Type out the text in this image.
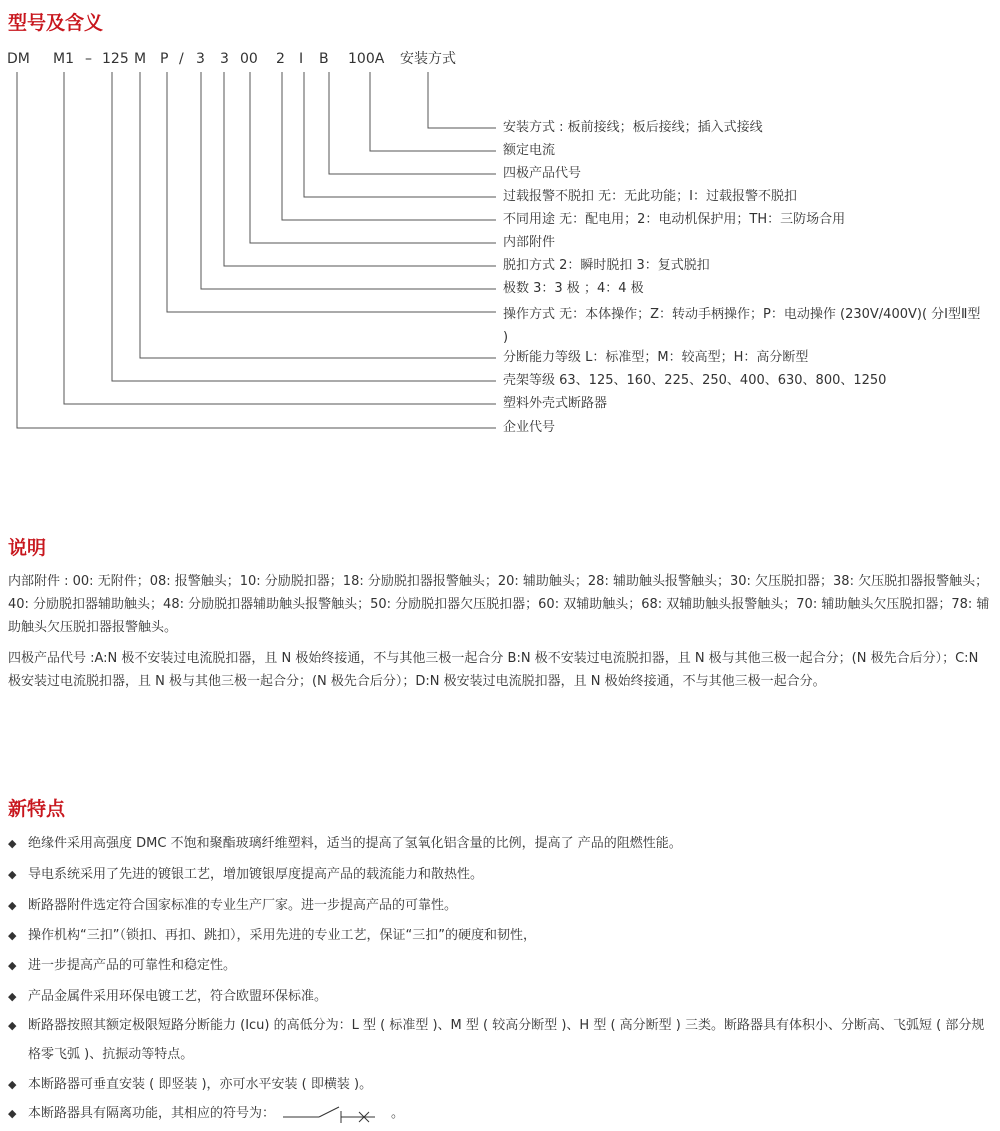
型号及含义
DM M1 – 125 M P / 3 3 00 2 I B 100A 安装方式
安装方式 : 板前接线；板后接线；插入式接线
额定电流
四极产品代号
过载报警不脱扣 无：无此功能；Ⅰ：过载报警不脱扣
不同用途 无：配电用；2：电动机保护用；TH：三防场合用
内部附件
脱扣方式 2：瞬时脱扣 3：复式脱扣
极数 3：3 极 ；4：4 极
操作方式 无：本体操作；Z：转动手柄操作；P：电动操作 (230V/400V)( 分Ⅰ型Ⅱ型 )
分断能力等级 L：标准型；M：较高型；H：高分断型
壳架等级 63、125、160、225、250、400、630、800、1250
塑料外壳式断路器
企业代号
说明

内部附件 : 00: 无附件；08: 报警触头；10: 分励脱扣器；18: 分励脱扣器报警触头；20: 辅助触头；28: 辅助触头报警触头；30: 欠压脱扣器；38: 欠压脱扣器报警触头；40: 分励脱扣器辅助触头；48: 分励脱扣器辅助触头报警触头；50: 分励脱扣器欠压脱扣器；60: 双辅助触头；68: 双辅助触头报警触头；70: 辅助触头欠压脱扣器；78: 辅助触头欠压脱扣器报警触头。

四极产品代号 :A:N 极不安装过电流脱扣器，且 N 极始终接通，不与其他三极一起合分 B:N 极不安装过电流脱扣器，且 N 极与其他三极一起合分；(N 极先合后分）；C:N 极安装过电流脱扣器，且 N 极与其他三极一起合分；(N 极先合后分）；D:N 极安装过电流脱扣器，且 N 极始终接通，不与其他三极一起合分。

新特点

◆ 绝缘件采用高强度 DMC 不饱和聚酯玻璃纤维塑料，适当的提高了氢氧化铝含量的比例，提高了 产品的阻燃性能。

◆ 导电系统采用了先进的镀银工艺，增加镀银厚度提高产品的载流能力和散热性。

◆ 断路器附件选定符合国家标准的专业生产厂家。进一步提高产品的可靠性。

◆ 操作机构“三扣”（锁扣、再扣、跳扣），采用先进的专业工艺，保证“三扣”的硬度和韧性，

◆ 进一步提高产品的可靠性和稳定性。

◆ 产品金属件采用环保电镀工艺，符合欧盟环保标准。

◆ 断路器按照其额定极限短路分断能力 (Icu) 的高低分为：L 型 ( 标准型 )、M 型 ( 较高分断型 )、H 型 ( 高分断型 ) 三类。断路器具有体积小、分断高、飞弧短 ( 部分规格零飞弧 )、抗振动等特点。

◆ 本断路器可垂直安装 ( 即竖装 )，亦可水平安装 ( 即横装 )。

◆ 本断路器具有隔离功能，其相应的符号为：	。
